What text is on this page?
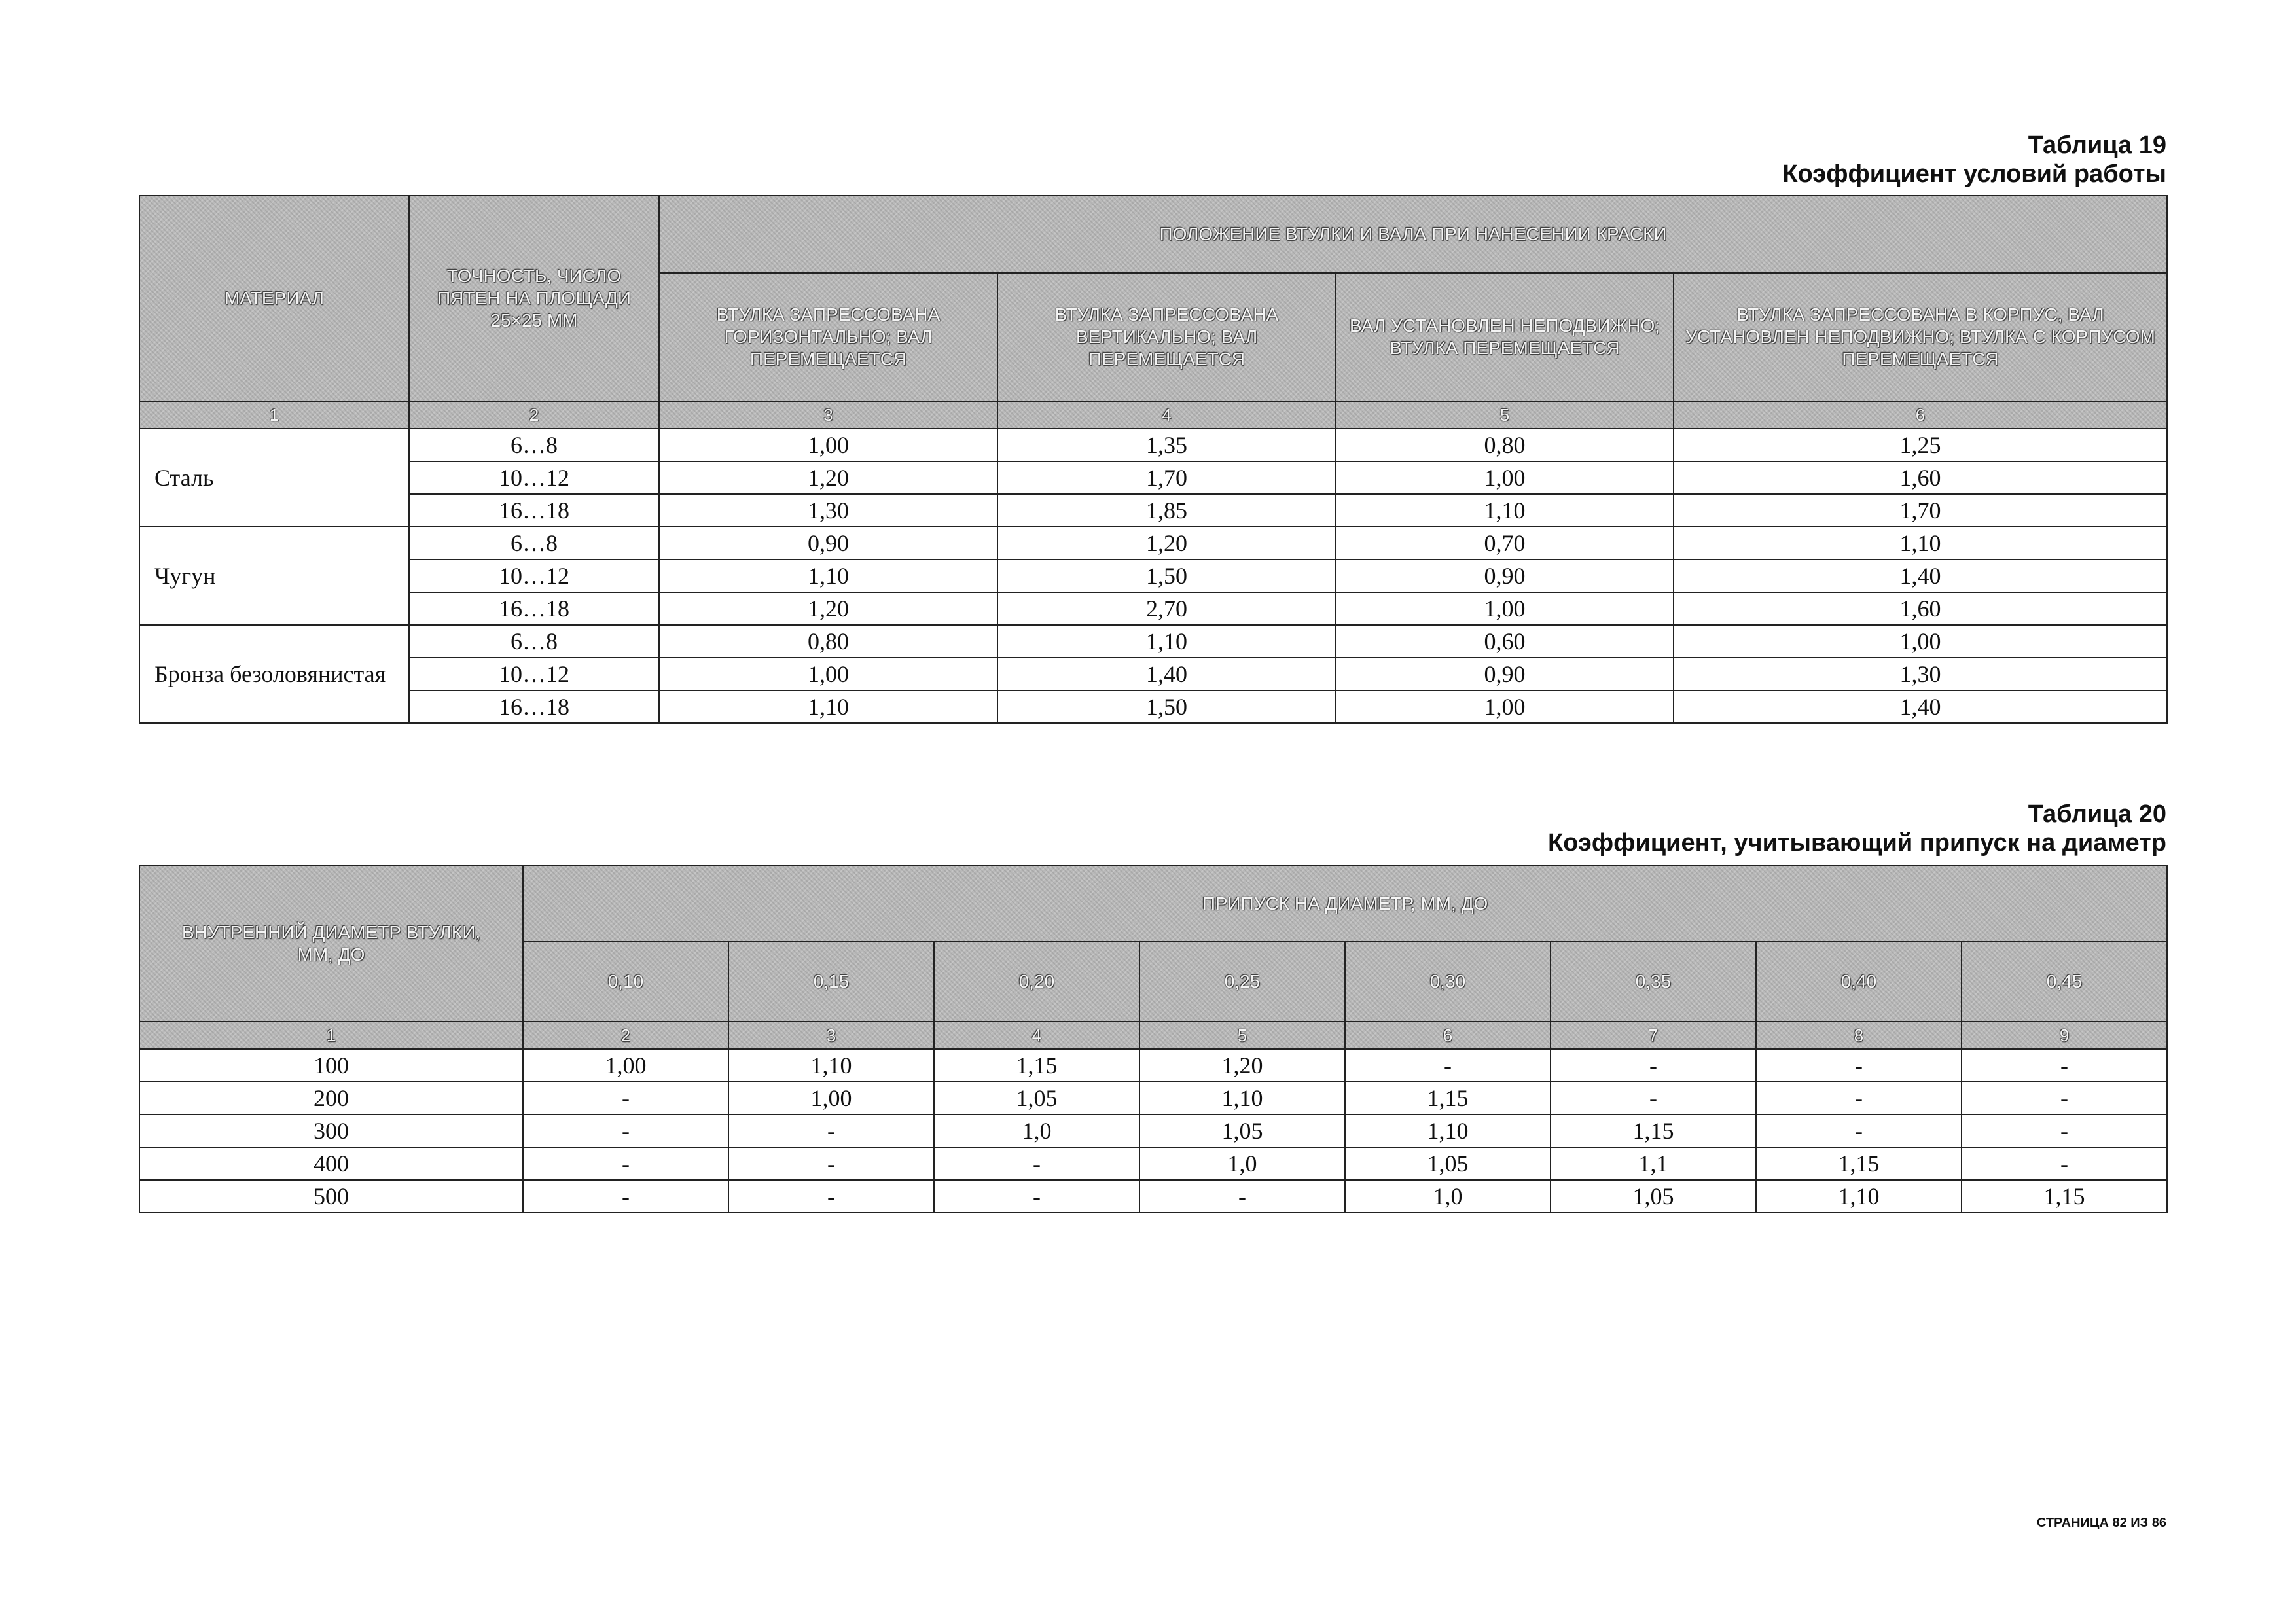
Таблица 19
Коэффициент условий работы
МАТЕРИАЛ	ТОЧНОСТЬ, ЧИСЛО ПЯТЕН НА ПЛОЩАДИ 25×25 ММ	ПОЛОЖЕНИЕ ВТУЛКИ И ВАЛА ПРИ НАНЕСЕНИИ КРАСКИ			
		ВТУЛКА ЗАПРЕССОВАНА ГОРИЗОНТАЛЬНО; ВАЛ ПЕРЕМЕЩАЕТСЯ	ВТУЛКА ЗАПРЕССОВАНА ВЕРТИКАЛЬНО; ВАЛ ПЕРЕМЕЩАЕТСЯ	ВАЛ УСТАНОВЛЕН НЕПОДВИЖНО; ВТУЛКА ПЕРЕМЕЩАЕТСЯ	ВТУЛКА ЗАПРЕССОВАНА В КОРПУС, ВАЛ УСТАНОВЛЕН НЕПОДВИЖНО; ВТУЛКА С КОРПУСОМ ПЕРЕМЕЩАЕТСЯ
1	2	3	4	5	6
Сталь	6…8	1,00	1,35	0,80	1,25
	10…12	1,20	1,70	1,00	1,60
	16…18	1,30	1,85	1,10	1,70
Чугун	6…8	0,90	1,20	0,70	1,10
	10…12	1,10	1,50	0,90	1,40
	16…18	1,20	2,70	1,00	1,60
Бронза безоловянистая	6…8	0,80	1,10	0,60	1,00
	10…12	1,00	1,40	0,90	1,30
	16…18	1,10	1,50	1,00	1,40
Таблица 20
Коэффициент, учитывающий припуск на диаметр
ВНУТРЕННИЙ ДИАМЕТР ВТУЛКИ, ММ, ДО	ПРИПУСК НА ДИАМЕТР, ММ, ДО							
	0,10	0,15	0,20	0,25	0,30	0,35	0,40	0,45
1	2	3	4	5	6	7	8	9
100	1,00	1,10	1,15	1,20	-	-	-	-
200	-	1,00	1,05	1,10	1,15	-	-	-
300	-	-	1,0	1,05	1,10	1,15	-	-
400	-	-	-	1,0	1,05	1,1	1,15	-
500	-	-	-	-	1,0	1,05	1,10	1,15
СТРАНИЦА 82 ИЗ 86
